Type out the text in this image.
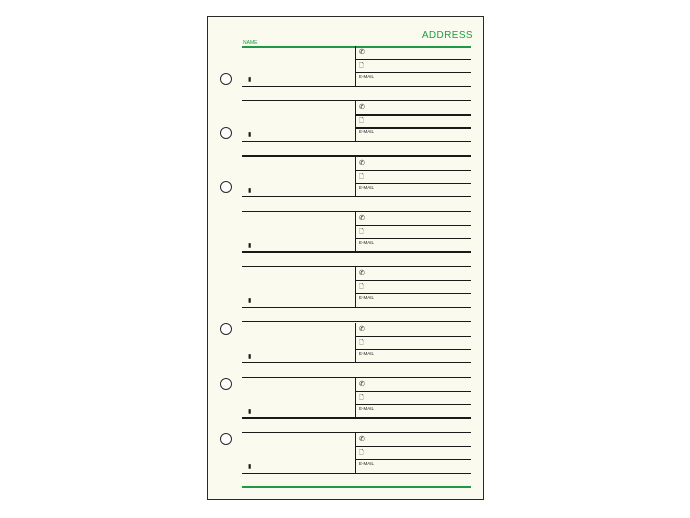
ADDRESS
NAME
✆
🗋
▮
E-MAIL
✆
🗋
▮
E-MAIL
✆
🗋
▮
E-MAIL
✆
🗋
▮
E-MAIL
✆
🗋
▮
E-MAIL
✆
🗋
▮
E-MAIL
✆
🗋
▮
E-MAIL
✆
🗋
▮
E-MAIL
